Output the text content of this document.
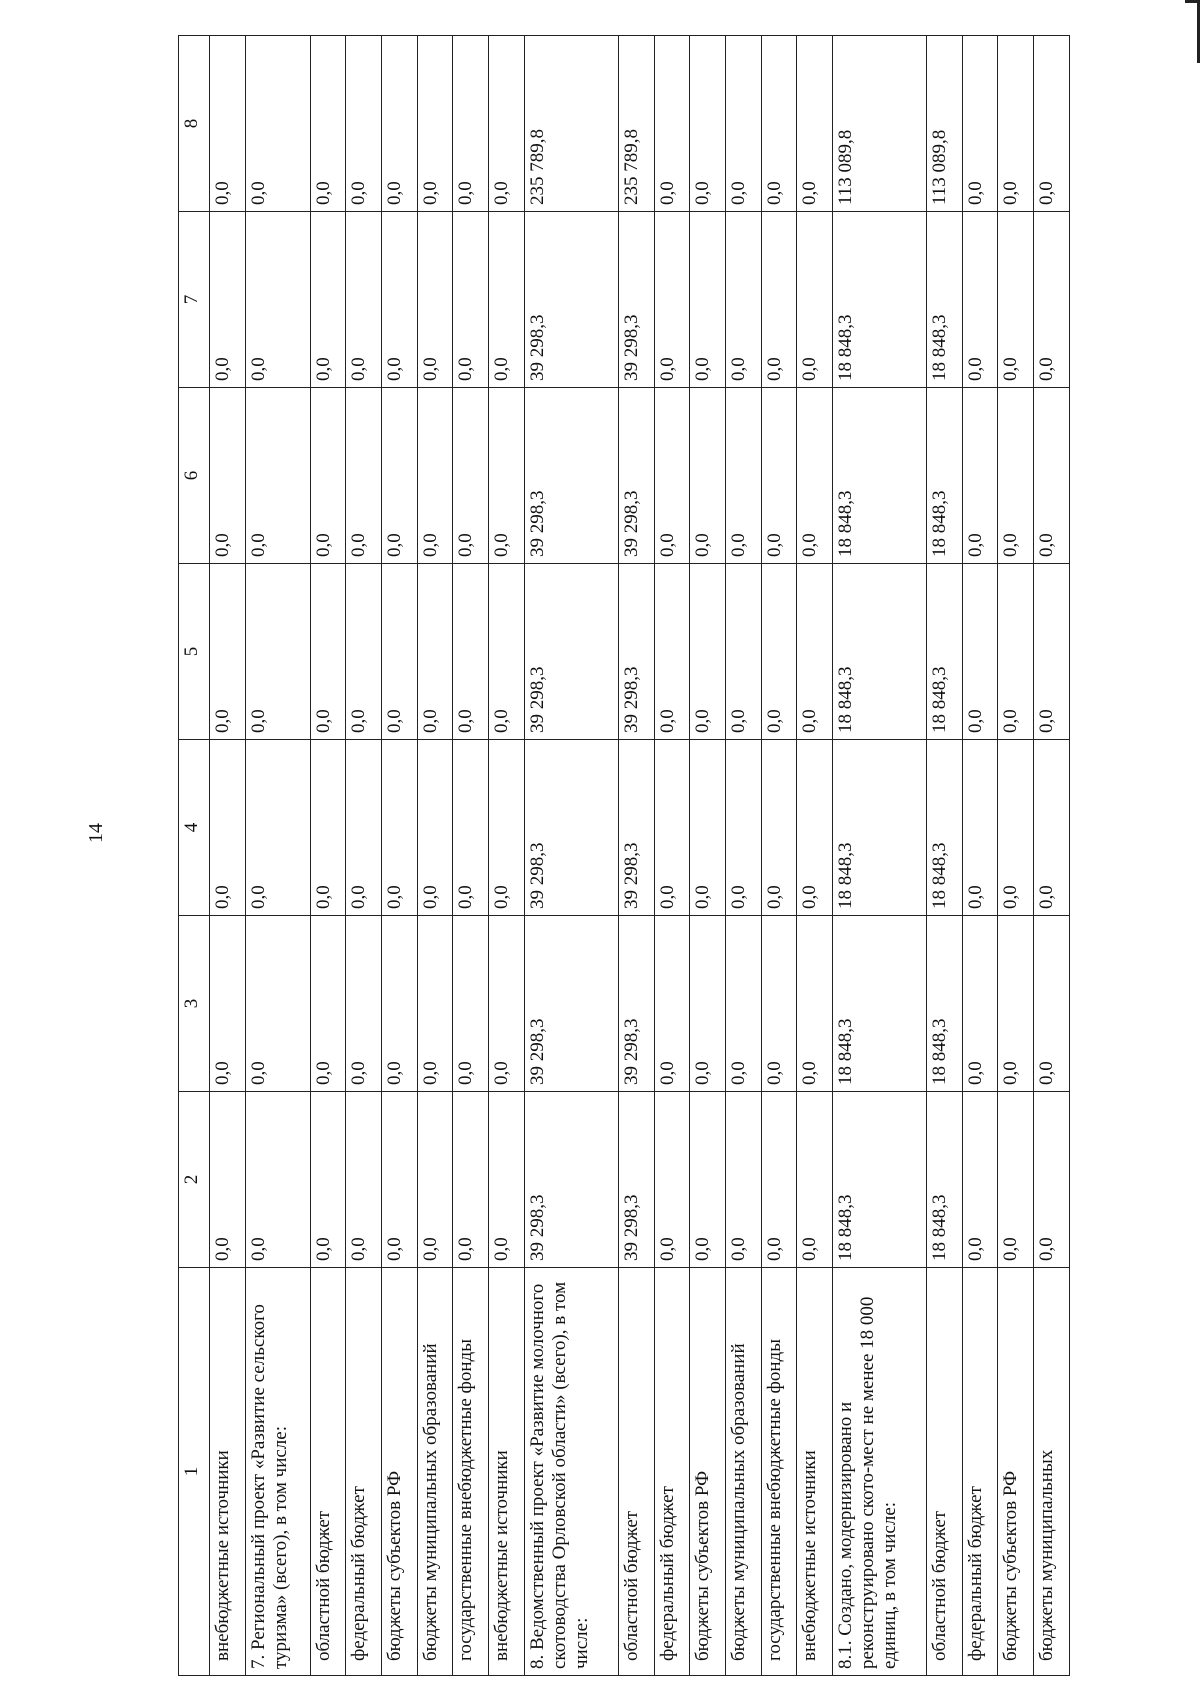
14
1	2	3	4	5	6	7	8
внебюджетные источники	0,0	0,0	0,0	0,0	0,0	0,0	0,0
7. Региональный проект «Развитие сельского туризма» (всего), в том числе:	0,0	0,0	0,0	0,0	0,0	0,0	0,0
областной бюджет	0,0	0,0	0,0	0,0	0,0	0,0	0,0
федеральный бюджет	0,0	0,0	0,0	0,0	0,0	0,0	0,0
бюджеты субъектов РФ	0,0	0,0	0,0	0,0	0,0	0,0	0,0
бюджеты муниципальных образований	0,0	0,0	0,0	0,0	0,0	0,0	0,0
государственные внебюджетные фонды	0,0	0,0	0,0	0,0	0,0	0,0	0,0
внебюджетные источники	0,0	0,0	0,0	0,0	0,0	0,0	0,0
8. Ведомственный проект «Развитие молочного скотоводства Орловской области» (всего), в том числе:	39 298,3	39 298,3	39 298,3	39 298,3	39 298,3	39 298,3	235 789,8
областной бюджет	39 298,3	39 298,3	39 298,3	39 298,3	39 298,3	39 298,3	235 789,8
федеральный бюджет	0,0	0,0	0,0	0,0	0,0	0,0	0,0
бюджеты субъектов РФ	0,0	0,0	0,0	0,0	0,0	0,0	0,0
бюджеты муниципальных образований	0,0	0,0	0,0	0,0	0,0	0,0	0,0
государственные внебюджетные фонды	0,0	0,0	0,0	0,0	0,0	0,0	0,0
внебюджетные источники	0,0	0,0	0,0	0,0	0,0	0,0	0,0
8.1. Создано, модернизировано и реконструировано ското-мест не менее 18 000 единиц, в том числе:	18 848,3	18 848,3	18 848,3	18 848,3	18 848,3	18 848,3	113 089,8
областной бюджет	18 848,3	18 848,3	18 848,3	18 848,3	18 848,3	18 848,3	113 089,8
федеральный бюджет	0,0	0,0	0,0	0,0	0,0	0,0	0,0
бюджеты субъектов РФ	0,0	0,0	0,0	0,0	0,0	0,0	0,0
бюджеты муниципальных	0,0	0,0	0,0	0,0	0,0	0,0	0,0
